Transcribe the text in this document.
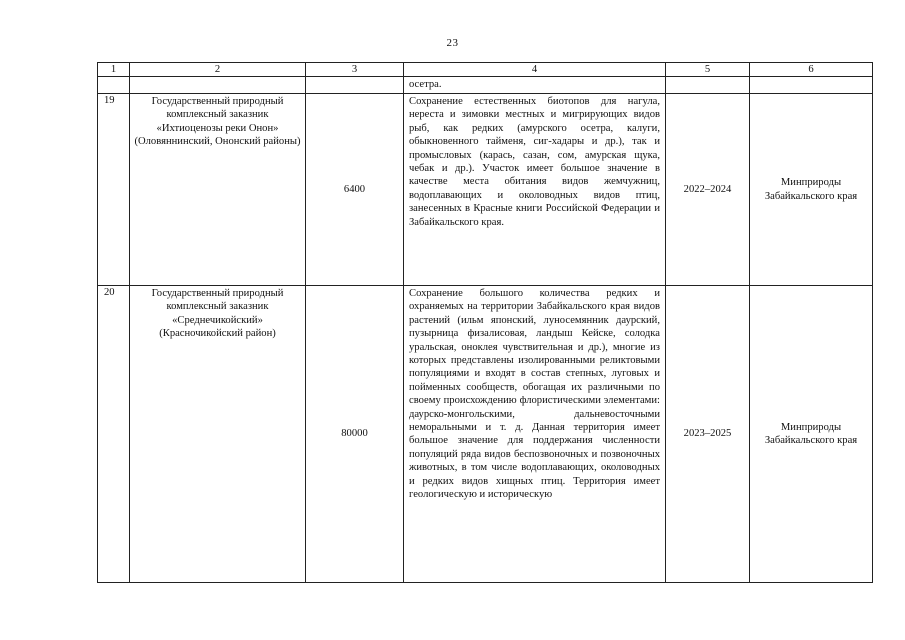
23
1	2	3	4	5	6
			осетра.		
19	Государственный природный комплексный заказник «Ихтиоценозы реки Онон» (Оловяннинский, Ононский районы)	6400	Сохранение естественных биотопов для нагула, нереста и зимовки местных и мигрирующих видов рыб, как редких (амурского осетра, калуги, обыкновенного тайменя, сиг-хадары и др.), так и промысловых (карась, сазан, сом, амурская щука, чебак и др.). Участок имеет большое значение в качестве места обитания видов жемчужниц, водоплавающих и околоводных видов птиц, занесенных в Красные книги Российской Федерации и Забайкальского края.	2022–2024	Минприроды Забайкальского края
20	Государственный природный комплексный заказник «Среднечикойский» (Красночикойский район)	80000	Сохранение большого количества редких и охраняемых на территории Забайкальского края видов растений (ильм японский, луносемянник даурский, пузырница физалисовая, ландыш Кейске, солодка уральская, оноклея чувствительная и др.), многие из которых представлены изолированными реликтовыми популяциями и входят в состав степных, луговых и пойменных сообществ, обогащая их различными по своему происхождению флористическими элементами: даурско-монгольскими, дальневосточными неморальными и т. д. Данная территория имеет большое значение для поддержания численности популяций ряда видов беспозвоночных и позвоночных животных, в том числе водоплавающих, околоводных и редких видов хищных птиц. Территория имеет геологическую и историческую	2023–2025	Минприроды Забайкальского края
